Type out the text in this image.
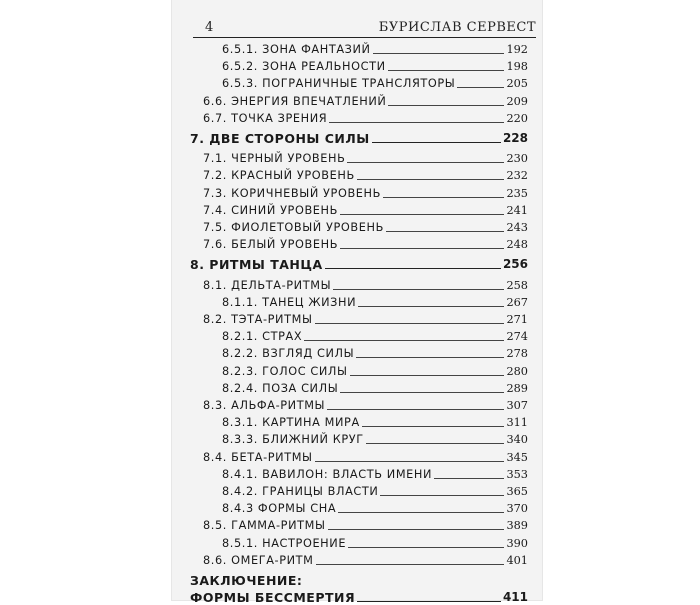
4	БУРИСЛАВ СЕРВЕСТ
6.5.1. ЗОНА ФАНТАЗИЙ	192
6.5.2. ЗОНА РЕАЛЬНОСТИ	198
6.5.3. ПОГРАНИЧНЫЕ ТРАНСЛЯТОРЫ	205
6.6. ЭНЕРГИЯ ВПЕЧАТЛЕНИЙ	209
6.7. ТОЧКА ЗРЕНИЯ	220
7. ДВЕ СТОРОНЫ СИЛЫ	228
7.1. ЧЕРНЫЙ УРОВЕНЬ	230
7.2. КРАСНЫЙ УРОВЕНЬ	232
7.3. КОРИЧНЕВЫЙ УРОВЕНЬ	235
7.4. СИНИЙ УРОВЕНЬ	241
7.5. ФИОЛЕТОВЫЙ УРОВЕНЬ	243
7.6. БЕЛЫЙ УРОВЕНЬ	248
8. РИТМЫ ТАНЦА	256
8.1. ДЕЛЬТА-РИТМЫ	258
8.1.1. ТАНЕЦ ЖИЗНИ	267
8.2. ТЭТА-РИТМЫ	271
8.2.1. СТРАХ	274
8.2.2. ВЗГЛЯД СИЛЫ	278
8.2.3. ГОЛОС СИЛЫ	280
8.2.4. ПОЗА СИЛЫ	289
8.3. АЛЬФА-РИТМЫ	307
8.3.1. КАРТИНА МИРА	311
8.3.3. БЛИЖНИЙ КРУГ	340
8.4. БЕТА-РИТМЫ	345
8.4.1. ВАВИЛОН: ВЛАСТЬ ИМЕНИ	353
8.4.2. ГРАНИЦЫ ВЛАСТИ	365
8.4.3 ФОРМЫ СНА	370
8.5. ГАММА-РИТМЫ	389
8.5.1. НАСТРОЕНИЕ	390
8.6. ОМЕГА-РИТМ	401
ЗАКЛЮЧЕНИЕ:
ФОРМЫ БЕССМЕРТИЯ	411
